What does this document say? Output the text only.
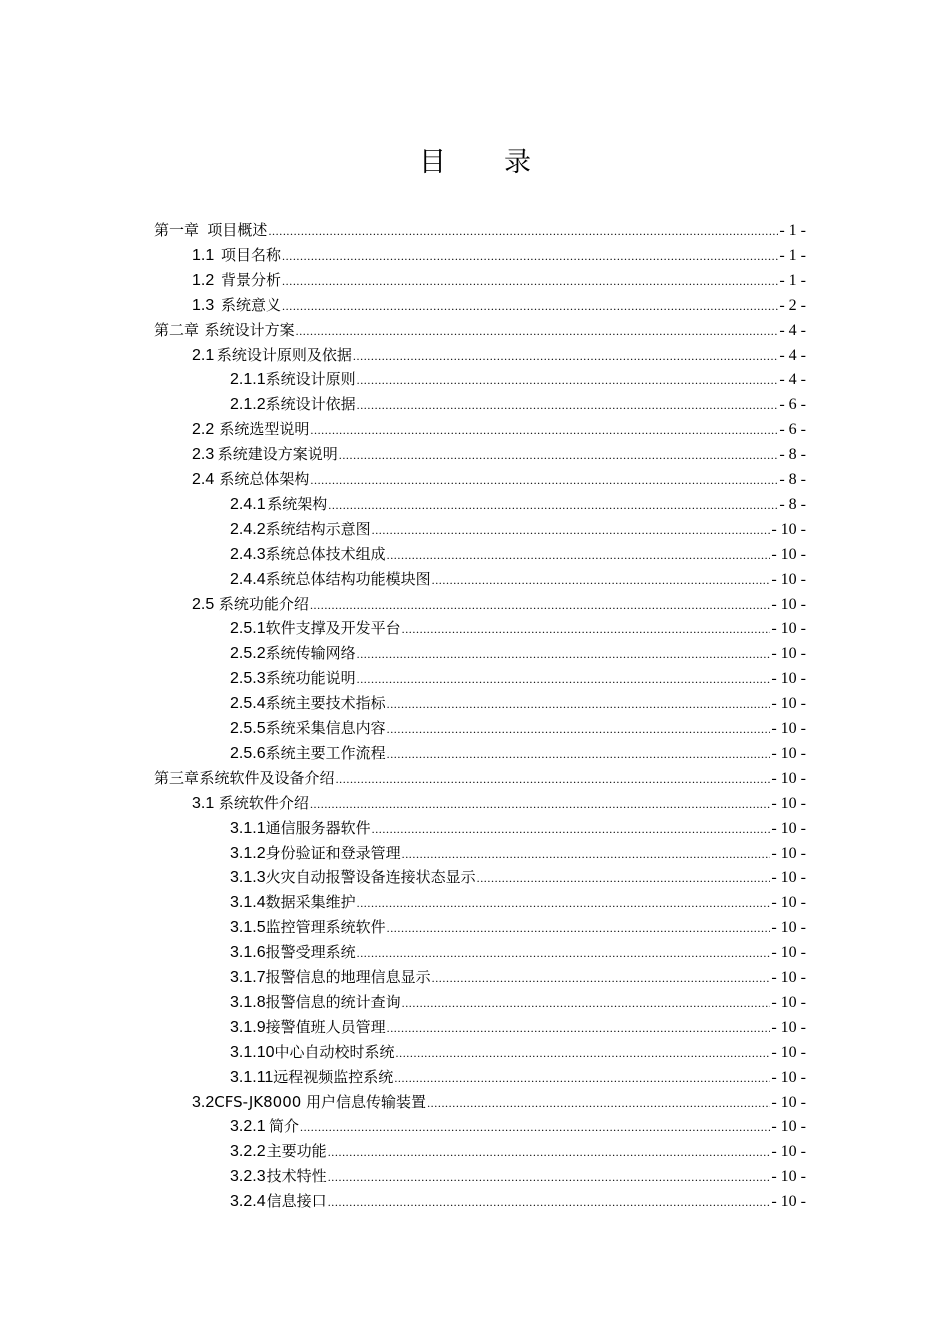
目 录
第一章 项目概述 .....	- 1 -
1.1 项目名称 .....	- 1 -
1.2 背景分析 .....	- 1 -
1.3 系统意义 .....	- 2 -
第二章 系统设计方案 .....	- 4 -
2.1 系统设计原则及依据 .....	- 4 -
2.1.1 系统设计原则 .....	- 4 -
2.1.2 系统设计依据 .....	- 6 -
2.2 系统选型说明 .....	- 6 -
2.3 系统建设方案说明 .....	- 8 -
2.4 系统总体架构 .....	- 8 -
2.4.1 系统架构 .....	- 8 -
2.4.2 系统结构示意图 .....	- 10 -
2.4.3 系统总体技术组成 .....	- 10 -
2.4.4 系统总体结构功能模块图 .....	- 10 -
2.5 系统功能介绍 .....	- 10 -
2.5.1 软件支撑及开发平台 .....	- 10 -
2.5.2 系统传输网络 .....	- 10 -
2.5.3 系统功能说明 .....	- 10 -
2.5.4 系统主要技术指标 .....	- 10 -
2.5.5 系统采集信息内容 .....	- 10 -
2.5.6 系统主要工作流程 .....	- 10 -
第三章 系统软件及设备介绍 .....	- 10 -
3.1 系统软件介绍 .....	- 10 -
3.1.1 通信服务器软件 .....	- 10 -
3.1.2 身份验证和登录管理 .....	- 10 -
3.1.3 火灾自动报警设备连接状态显示 .....	- 10 -
3.1.4 数据采集维护 .....	- 10 -
3.1.5 监控管理系统软件 .....	- 10 -
3.1.6 报警受理系统 .....	- 10 -
3.1.7 报警信息的地理信息显示 .....	- 10 -
3.1.8 报警信息的统计查询 .....	- 10 -
3.1.9 接警值班人员管理 .....	- 10 -
3.1.10 中心自动校时系统 .....	- 10 -
3.1.11 远程视频监控系统 .....	- 10 -
3.2 CFS-JK8000 用户信息传输装置 .....	- 10 -
3.2.1 简介 .....	- 10 -
3.2.2 主要功能 .....	- 10 -
3.2.3 技术特性 .....	- 10 -
3.2.4 信息接口 .....	- 10 -
